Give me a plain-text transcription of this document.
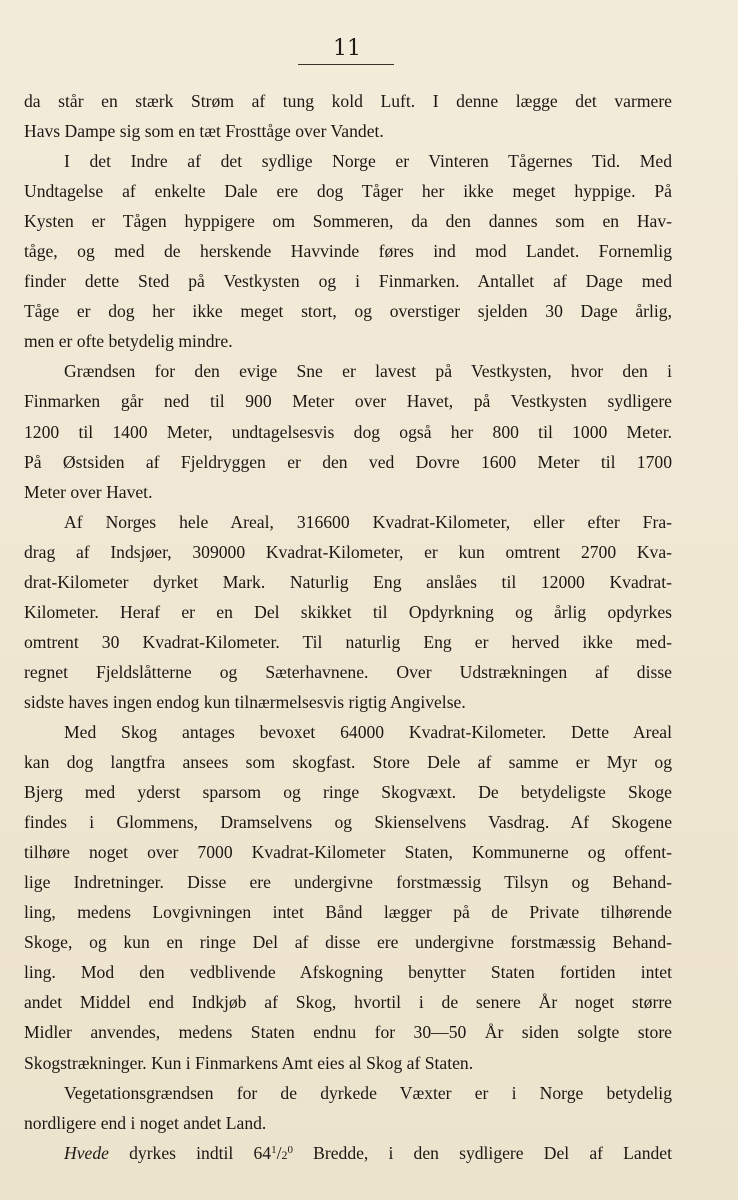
11
da står en stærk Strøm af tung kold Luft. I denne lægge det varmere
Havs Dampe sig som en tæt Frosttåge over Vandet.
I det Indre af det sydlige Norge er Vinteren Tågernes Tid. Med
Undtagelse af enkelte Dale ere dog Tåger her ikke meget hyppige. På
Kysten er Tågen hyppigere om Sommeren, da den dannes som en Hav-
tåge, og med de herskende Havvinde føres ind mod Landet. Fornemlig
finder dette Sted på Vestkysten og i Finmarken. Antallet af Dage med
Tåge er dog her ikke meget stort, og overstiger sjelden 30 Dage årlig,
men er ofte betydelig mindre.
Grændsen for den evige Sne er lavest på Vestkysten, hvor den i
Finmarken går ned til 900 Meter over Havet, på Vestkysten sydligere
1200 til 1400 Meter, undtagelsesvis dog også her 800 til 1000 Meter.
På Østsiden af Fjeldryggen er den ved Dovre 1600 Meter til 1700
Meter over Havet.
Af Norges hele Areal, 316600 Kvadrat-Kilometer, eller efter Fra-
drag af Indsjøer, 309000 Kvadrat-Kilometer, er kun omtrent 2700 Kva-
drat-Kilometer dyrket Mark. Naturlig Eng anslåes til 12000 Kvadrat-
Kilometer. Heraf er en Del skikket til Opdyrkning og årlig opdyrkes
omtrent 30 Kvadrat-Kilometer. Til naturlig Eng er herved ikke med-
regnet Fjeldslåtterne og Sæterhavnene. Over Udstrækningen af disse
sidste haves ingen endog kun tilnærmelsesvis rigtig Angivelse.
Med Skog antages bevoxet 64000 Kvadrat-Kilometer. Dette Areal
kan dog langtfra ansees som skogfast. Store Dele af samme er Myr og
Bjerg med yderst sparsom og ringe Skogvæxt. De betydeligste Skoge
findes i Glommens, Dramselvens og Skienselvens Vasdrag. Af Skogene
tilhøre noget over 7000 Kvadrat-Kilometer Staten, Kommunerne og offent-
lige Indretninger. Disse ere undergivne forstmæssig Tilsyn og Behand-
ling, medens Lovgivningen intet Bånd lægger på de Private tilhørende
Skoge, og kun en ringe Del af disse ere undergivne forstmæssig Behand-
ling. Mod den vedblivende Afskogning benytter Staten fortiden intet
andet Middel end Indkjøb af Skog, hvortil i de senere År noget større
Midler anvendes, medens Staten endnu for 30—50 År siden solgte store
Skogstrækninger. Kun i Finmarkens Amt eies al Skog af Staten.
Vegetationsgrændsen for de dyrkede Væxter er i Norge betydelig
nordligere end i noget andet Land.
Hvede dyrkes indtil $64^1/2^0$ Bredde, i den sydligere Del af Landet
